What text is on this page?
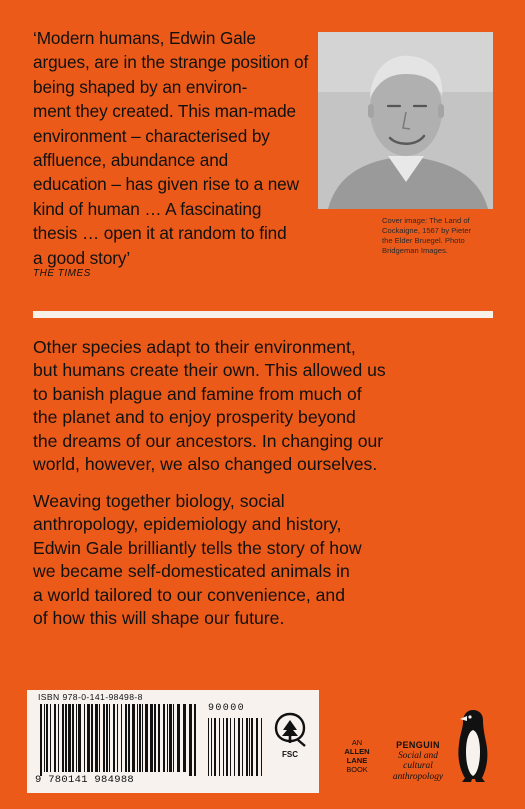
‘Modern humans, Edwin Gale
argues, are in the strange position of
being shaped by an environ-
ment they created. This man-made
environment – characterised by
affluence, abundance and
education – has given rise to a new
kind of human … A fascinating
thesis … open it at random to find
a good story’
THE TIMES
Cover image: The Land of
Cockaigne, 1567 by Pieter
the Elder Bruegel. Photo
Bridgeman Images.
Other species adapt to their environment,
but humans create their own. This allowed us
to banish plague and famine from much of
the planet and to enjoy prosperity beyond
the dreams of our ancestors. In changing our
world, however, we also changed ourselves.
Weaving together biology, social
anthropology, epidemiology and history,
Edwin Gale brilliantly tells the story of how
we became self-domesticated animals in
a world tailored to our convenience, and
of how this will shape our future.
ISBN 978-0-141-98498-8
9 780141 984988
90000
FSC
AN
ALLEN
LANE
BOOK
PENGUIN
Social and cultural
anthropology
